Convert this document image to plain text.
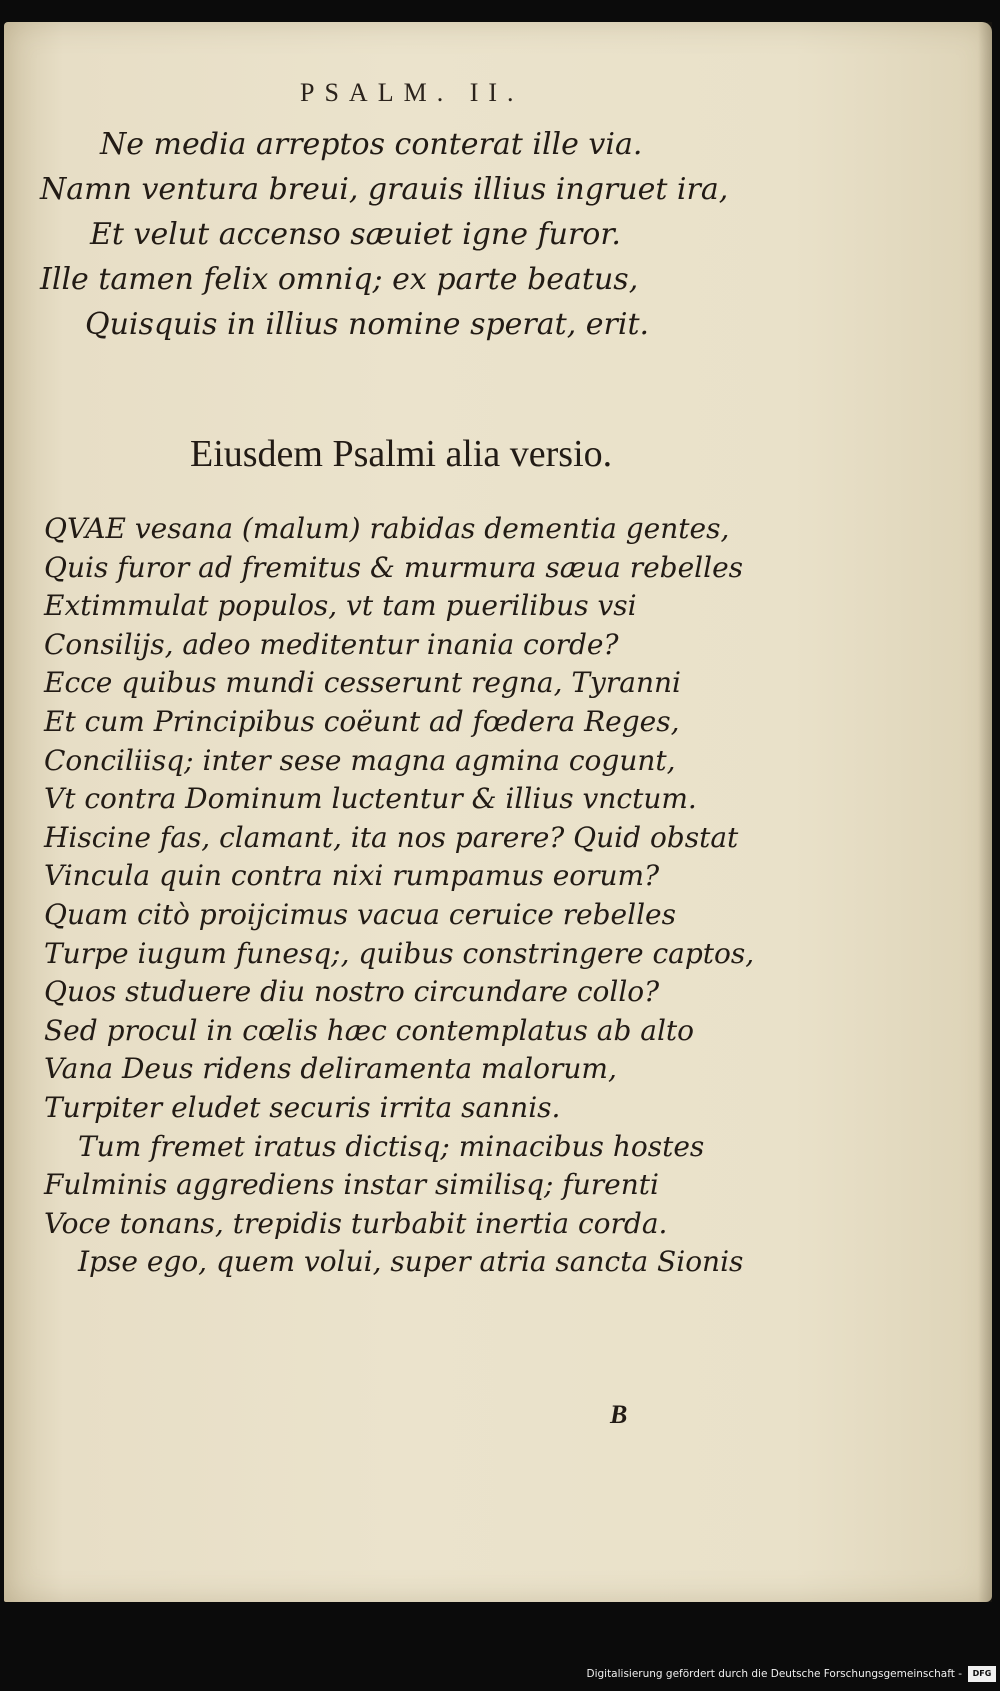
PSALM. II.
Ne media arreptos conterat ille via.
Namn ventura breui, grauis illius ingruet ira,
Et velut accenso sæuiet igne furor.
Ille tamen felix omniq; ex parte beatus,
Quisquis in illius nomine sperat, erit.
Eiusdem Psalmi alia versio.
QVAE vesana (malum) rabidas dementia gentes,
Quis furor ad fremitus & murmura sæua rebelles
Extimmulat populos, vt tam puerilibus vsi
Consilijs, adeo meditentur inania corde?
Ecce quibus mundi cesserunt regna, Tyranni
Et cum Principibus coëunt ad fœdera Reges,
Conciliisq; inter sese magna agmina cogunt,
Vt contra Dominum luctentur & illius vnctum.
Hiscine fas, clamant, ita nos parere? Quid obstat
Vincula quin contra nixi rumpamus eorum?
Quam citò proijcimus vacua ceruice rebelles
Turpe iugum funesq;, quibus constringere captos,
Quos studuere diu nostro circundare collo?
Sed procul in cœlis hæc contemplatus ab alto
Vana Deus ridens deliramenta malorum,
Turpiter eludet securis irrita sannis.
Tum fremet iratus dictisq; minacibus hostes
Fulminis aggrediens instar similisq; furenti
Voce tonans, trepidis turbabit inertia corda.
Ipse ego, quem volui, super atria sancta Sionis
B
Digitalisierung gefördert durch die Deutsche Forschungsgemeinschaft -	DFG
